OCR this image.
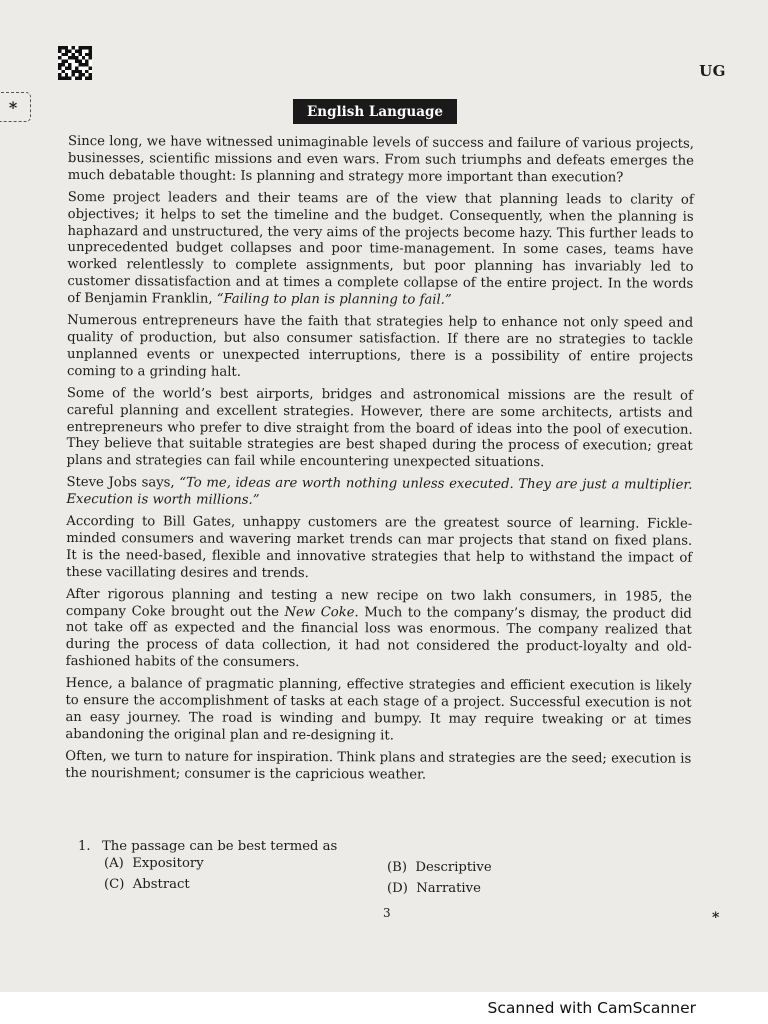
UG
*	English Language

Since long, we have witnessed unimaginable levels of success and failure of various projects, businesses, scientific missions and even wars. From such triumphs and defeats emerges the much debatable thought: Is planning and strategy more important than execution?

Some project leaders and their teams are of the view that planning leads to clarity of objectives; it helps to set the timeline and the budget. Consequently, when the planning is haphazard and unstructured, the very aims of the projects become hazy. This further leads to unprecedented budget collapses and poor time-management. In some cases, teams have worked relentlessly to complete assignments, but poor planning has invariably led to customer dissatisfaction and at times a complete collapse of the entire project. In the words of Benjamin Franklin, “Failing to plan is planning to fail.”

Numerous entrepreneurs have the faith that strategies help to enhance not only speed and quality of production, but also consumer satisfaction. If there are no strategies to tackle unplanned events or unexpected interruptions, there is a possibility of entire projects coming to a grinding halt.

Some of the world’s best airports, bridges and astronomical missions are the result of careful planning and excellent strategies. However, there are some architects, artists and entrepreneurs who prefer to dive straight from the board of ideas into the pool of execution. They believe that suitable strategies are best shaped during the process of execution; great plans and strategies can fail while encountering unexpected situations.

Steve Jobs says, “To me, ideas are worth nothing unless executed. They are just a multiplier. Execution is worth millions.”

According to Bill Gates, unhappy customers are the greatest source of learning. Fickle-minded consumers and wavering market trends can mar projects that stand on fixed plans. It is the need-based, flexible and innovative strategies that help to withstand the impact of these vacillating desires and trends.

After rigorous planning and testing a new recipe on two lakh consumers, in 1985, the company Coke brought out the New Coke. Much to the company’s dismay, the product did not take off as expected and the financial loss was enormous. The company realized that during the process of data collection, it had not considered the product-loyalty and old-fashioned habits of the consumers.

Hence, a balance of pragmatic planning, effective strategies and efficient execution is likely to ensure the accomplishment of tasks at each stage of a project. Successful execution is not an easy journey. The road is winding and bumpy. It may require tweaking or at times abandoning the original plan and re-designing it.

Often, we turn to nature for inspiration. Think plans and strategies are the seed; execution is the nourishment; consumer is the capricious weather.

1. The passage can be best termed as
(A) Expository	(B) Descriptive
(C) Abstract	(D) Narrative
3	*
Scanned with CamScanner
